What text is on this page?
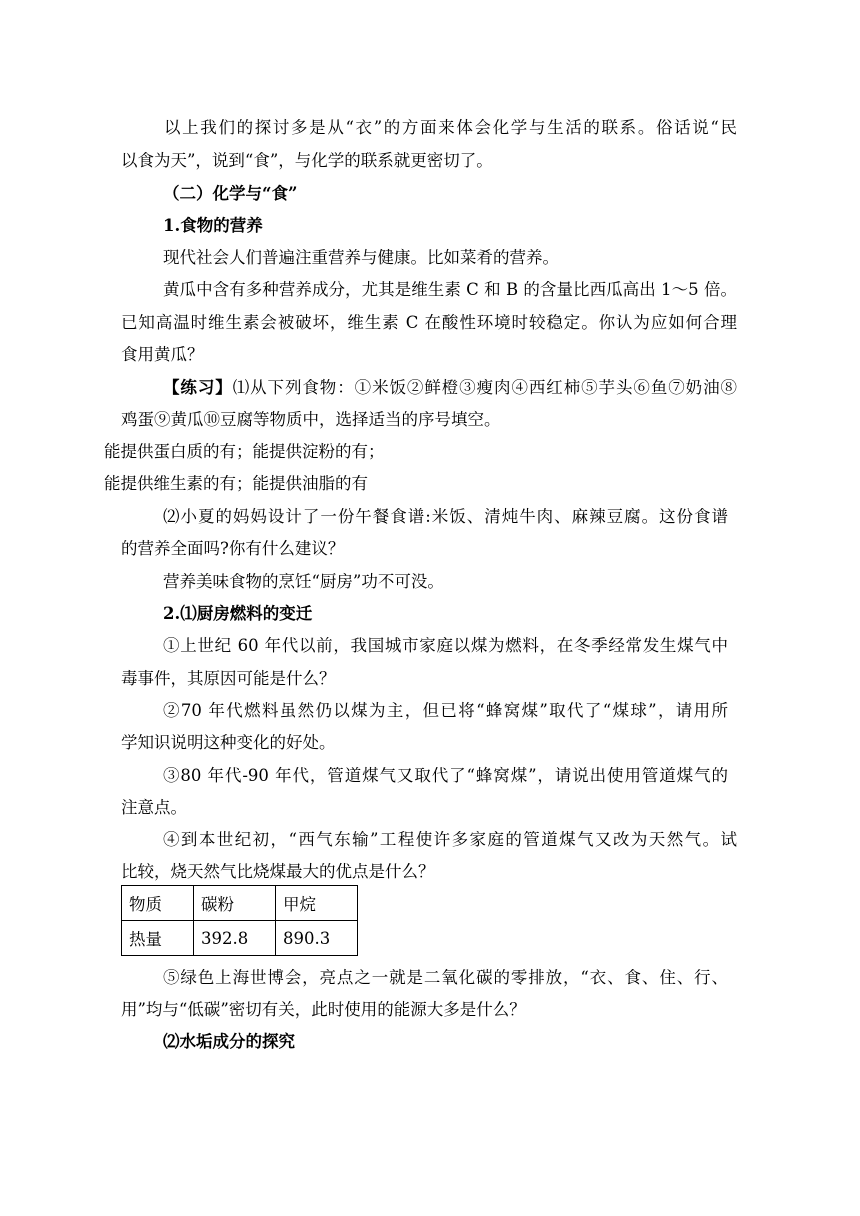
以上我们的探讨多是从“衣”的方面来体会化学与生活的联系。俗话说“民
以食为天”，说到“食”，与化学的联系就更密切了。
（二）化学与“食”
1.食物的营养
现代社会人们普遍注重营养与健康。比如菜肴的营养。
黄瓜中含有多种营养成分，尤其是维生素 C 和 B 的含量比西瓜高出 1～5 倍。
已知高温时维生素会被破坏，维生素 C 在酸性环境时较稳定。你认为应如何合理
食用黄瓜？
【练习】⑴从下列食物：①米饭②鲜橙③瘦肉④西红柿⑤芋头⑥鱼⑦奶油⑧
鸡蛋⑨黄瓜⑩豆腐等物质中，选择适当的序号填空。
能提供蛋白质的有；能提供淀粉的有；
能提供维生素的有；能提供油脂的有
⑵小夏的妈妈设计了一份午餐食谱:米饭、清炖牛肉、麻辣豆腐。这份食谱
的营养全面吗?你有什么建议？
营养美味食物的烹饪“厨房”功不可没。
2.⑴厨房燃料的变迁
①上世纪 60 年代以前，我国城市家庭以煤为燃料，在冬季经常发生煤气中
毒事件，其原因可能是什么？
②70 年代燃料虽然仍以煤为主，但已将“蜂窝煤”取代了“煤球”，请用所
学知识说明这种变化的好处。
③80 年代-90 年代，管道煤气又取代了“蜂窝煤”，请说出使用管道煤气的
注意点。
④到本世纪初，“西气东输”工程使许多家庭的管道煤气又改为天然气。试
比较，烧天然气比烧煤最大的优点是什么？
物质	碳粉	甲烷
热量	392.8	890.3
⑤绿色上海世博会，亮点之一就是二氧化碳的零排放，“衣、食、住、行、
用”均与“低碳”密切有关，此时使用的能源大多是什么？
⑵水垢成分的探究
